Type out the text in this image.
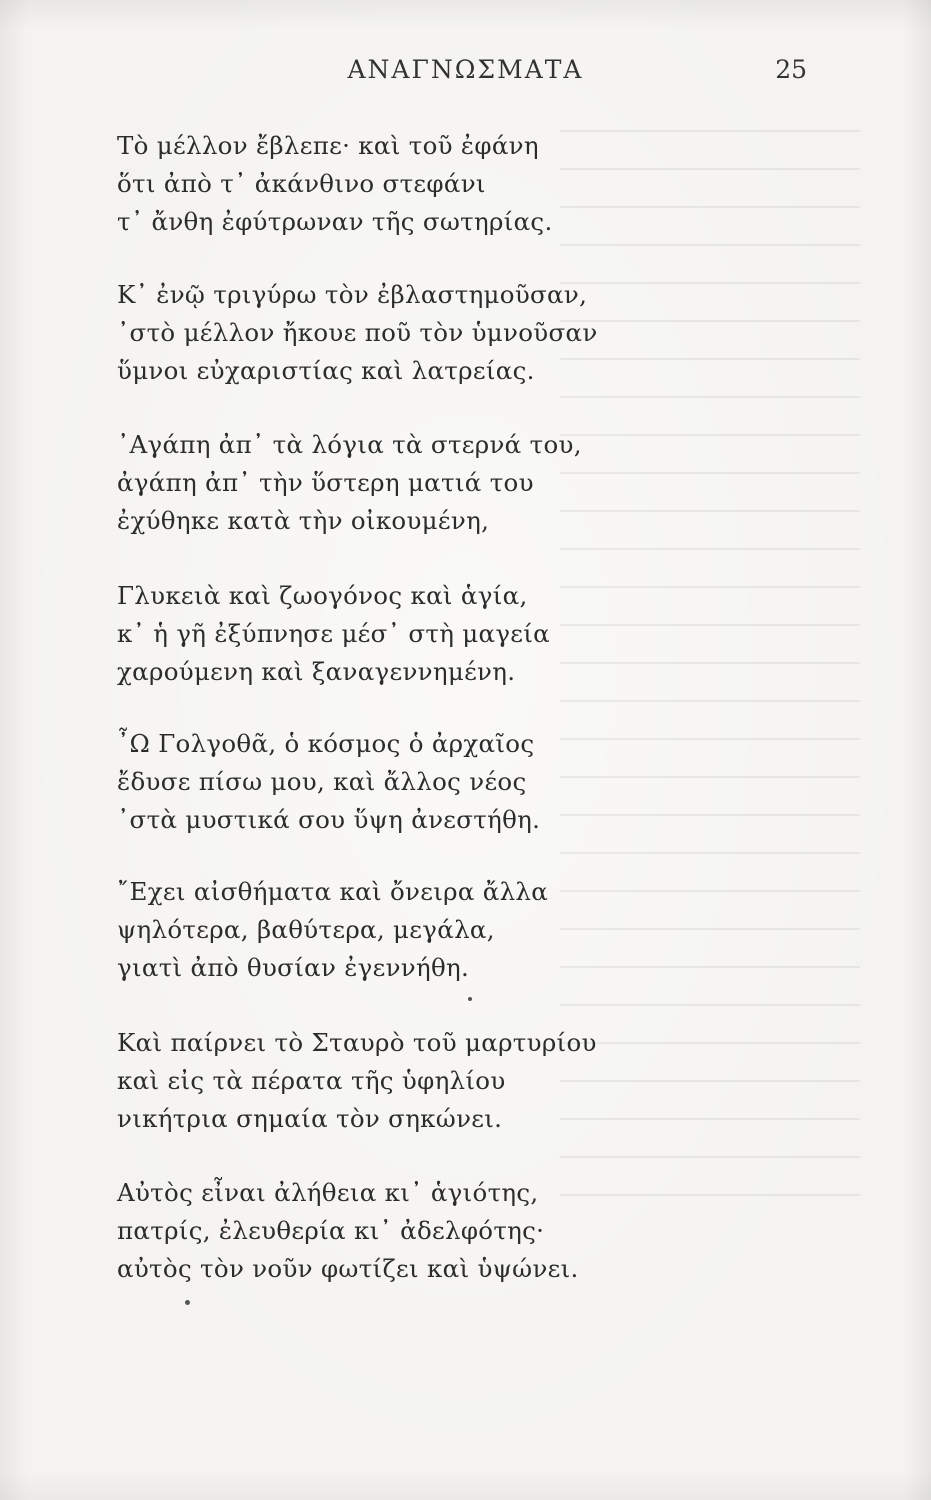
ΑΝΑΓΝΩΣΜΑΤΑ	25
Τὸ μέλλον ἔβλεπε· καὶ τοῦ ἐφάνη
ὅτι ἀπὸ τ᾽ ἀκάνθινο στεφάνι
τ᾽ ἄνθη ἐφύτρωναν τῆς σωτηρίας.
Κ᾽ ἐνῷ τριγύρω τὸν ἐβλαστημοῦσαν,
᾽στὸ μέλλον ἤκουε ποῦ τὸν ὑμνοῦσαν
ὕμνοι εὐχαριστίας καὶ λατρείας.
᾽Αγάπη ἀπ᾽ τὰ λόγια τὰ στερνά του,
ἀγάπη ἀπ᾽ τὴν ὕστερη ματιά του
ἐχύθηκε κατὰ τὴν οἰκουμένη,
Γλυκειὰ καὶ ζωογόνος καὶ ἁγία,
κ᾽ ἡ γῆ ἐξύπνησε μέσ᾽ στὴ μαγεία
χαρούμενη καὶ ξαναγεννημένη.
῏Ω Γολγοθᾶ, ὁ κόσμος ὁ ἀρχαῖος
ἔδυσε πίσω μου, καὶ ἄλλος νέος
᾽στὰ μυστικά σου ὕψη ἀνεστήθη.
῎Εχει αἰσθήματα καὶ ὄνειρα ἄλλα
ψηλότερα, βαθύτερα, μεγάλα,
γιατὶ ἀπὸ θυσίαν ἐγεννήθη.
Καὶ παίρνει τὸ Σταυρὸ τοῦ μαρτυρίου
καὶ εἰς τὰ πέρατα τῆς ὑφηλίου
νικήτρια σημαία τὸν σηκώνει.
Αὐτὸς εἶναι ἀλήθεια κι᾽ ἁγιότης,
πατρίς, ἐλευθερία κι᾽ ἀδελφότης·
αὐτὸς τὸν νοῦν φωτίζει καὶ ὑψώνει.
